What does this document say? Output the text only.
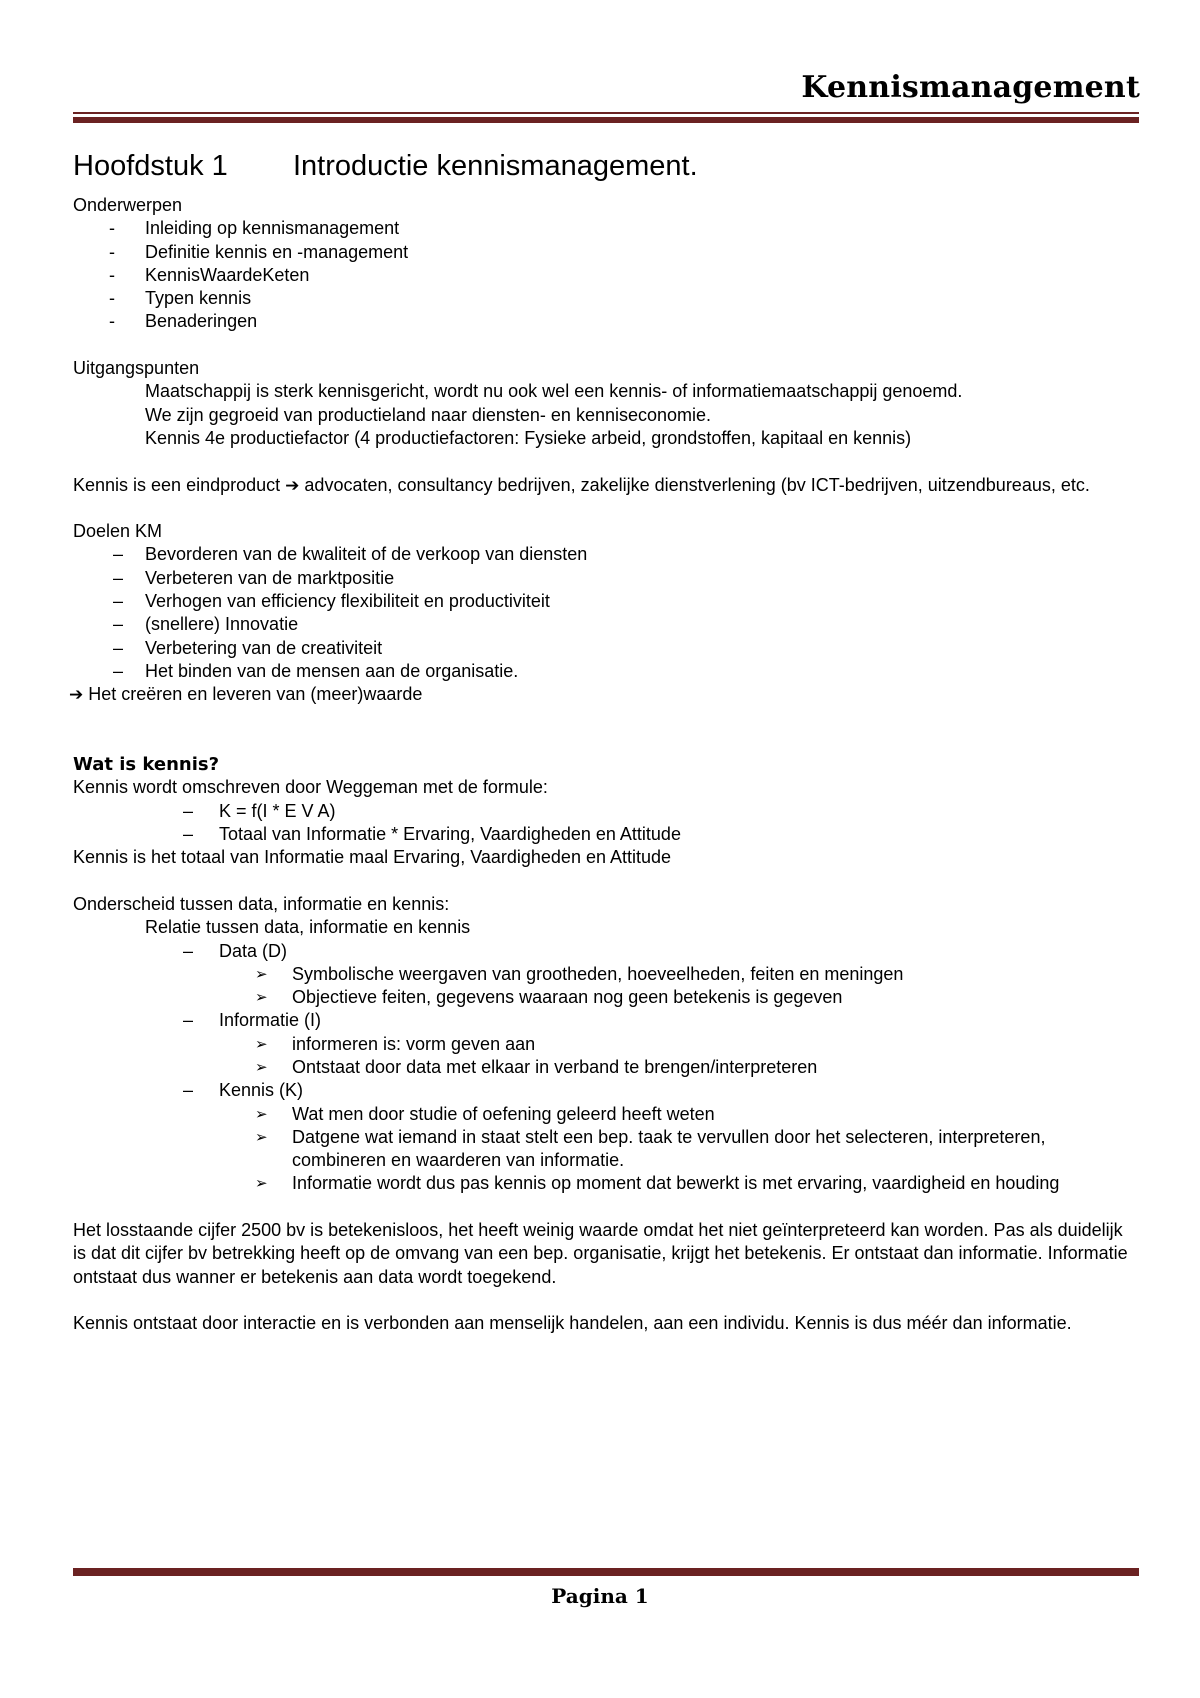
Kennismanagement
Hoofdstuk 1 Introductie kennismanagement.
Onderwerpen
- Inleiding op kennismanagement
- Definitie kennis en -management
- KennisWaardeKeten
- Typen kennis
- Benaderingen
Uitgangspunten
Maatschappij is sterk kennisgericht, wordt nu ook wel een kennis- of informatiemaatschappij genoemd.
We zijn gegroeid van productieland naar diensten- en kenniseconomie.
Kennis 4e productiefactor (4 productiefactoren: Fysieke arbeid, grondstoffen, kapitaal en kennis)
Kennis is een eindproduct ➔ advocaten, consultancy bedrijven, zakelijke dienstverlening (bv ICT-bedrijven, uitzendbureaus, etc.
Doelen KM
– Bevorderen van de kwaliteit of de verkoop van diensten
– Verbeteren van de marktpositie
– Verhogen van efficiency flexibiliteit en productiviteit
– (snellere) Innovatie
– Verbetering van de creativiteit
– Het binden van de mensen aan de organisatie.
➔ Het creëren en leveren van (meer)waarde
Wat is kennis?
Kennis wordt omschreven door Weggeman met de formule:
– K = f(I * E V A)
– Totaal van Informatie * Ervaring, Vaardigheden en Attitude
Kennis is het totaal van Informatie maal Ervaring, Vaardigheden en Attitude
Onderscheid tussen data, informatie en kennis:
Relatie tussen data, informatie en kennis
– Data (D)
➢ Symbolische weergaven van grootheden, hoeveelheden, feiten en meningen
➢ Objectieve feiten, gegevens waaraan nog geen betekenis is gegeven
– Informatie (I)
➢ informeren is: vorm geven aan
➢ Ontstaat door data met elkaar in verband te brengen/interpreteren
– Kennis (K)
➢ Wat men door studie of oefening geleerd heeft weten
➢ Datgene wat iemand in staat stelt een bep. taak te vervullen door het selecteren, interpreteren, combineren en waarderen van informatie.
➢ Informatie wordt dus pas kennis op moment dat bewerkt is met ervaring, vaardigheid en houding
Het losstaande cijfer 2500 bv is betekenisloos, het heeft weinig waarde omdat het niet geïnterpreteerd kan worden. Pas als duidelijk is dat dit cijfer bv betrekking heeft op de omvang van een bep. organisatie, krijgt het betekenis. Er ontstaat dan informatie. Informatie ontstaat dus wanner er betekenis aan data wordt toegekend.
Kennis ontstaat door interactie en is verbonden aan menselijk handelen, aan een individu. Kennis is dus méér dan informatie.
Pagina 1
